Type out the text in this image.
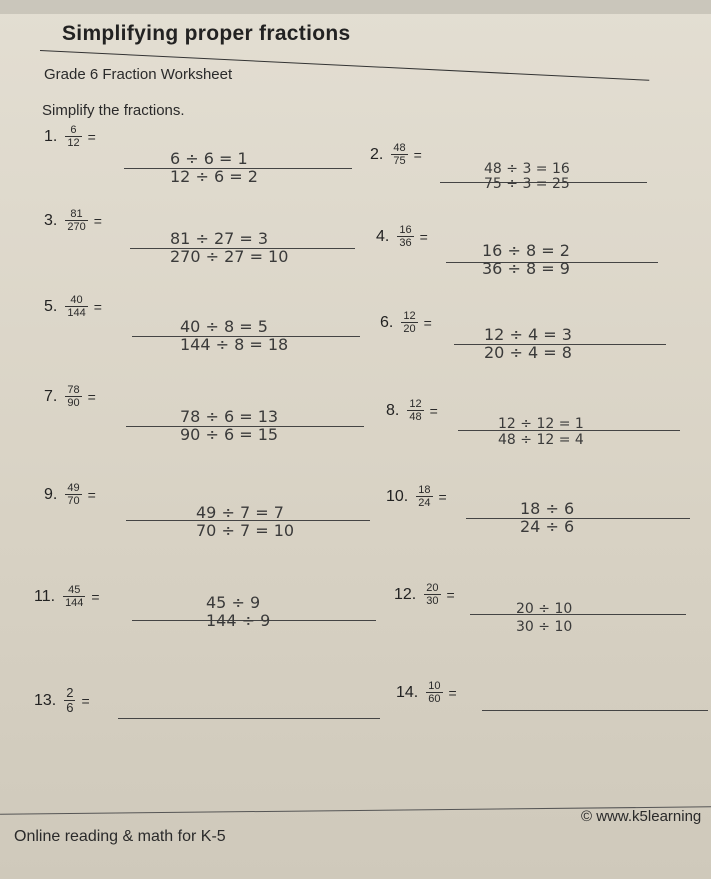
Simplifying proper fractions
Grade 6 Fraction Worksheet
Simplify the fractions.
1. $\frac{6}{12}$ =
6 ÷ 6 = 1
12 ÷ 6 = 2
2. $\frac{48}{75}$ =
48 ÷ 3 = 16
75 ÷ 3 = 25
3. $\frac{81}{270}$ =
81 ÷ 27 = 3
270 ÷ 27 = 10
4. $\frac{16}{36}$ =
16 ÷ 8 = 2
36 ÷ 8 = 9
5. $\frac{40}{144}$ =
40 ÷ 8 = 5
144 ÷ 8 = 18
6. $\frac{12}{20}$ =
12 ÷ 4 = 3
20 ÷ 4 = 8
7. $\frac{78}{90}$ =
78 ÷ 6 = 13
90 ÷ 6 = 15
8. $\frac{12}{48}$ =
12 ÷ 12 = 1
48 ÷ 12 = 4
9. $\frac{49}{70}$ =
49 ÷ 7 = 7
70 ÷ 7 = 10
10. $\frac{18}{24}$ =
18 ÷ 6
24 ÷ 6
11. $\frac{45}{144}$ =	45 ÷ 9
144 ÷ 9
12. $\frac{20}{30}$ =
20 ÷ 10
30 ÷ 10
13. $\frac{2}{6}$ =	14. $\frac{10}{60}$ =
Online reading & math for K-5
© www.k5learning
